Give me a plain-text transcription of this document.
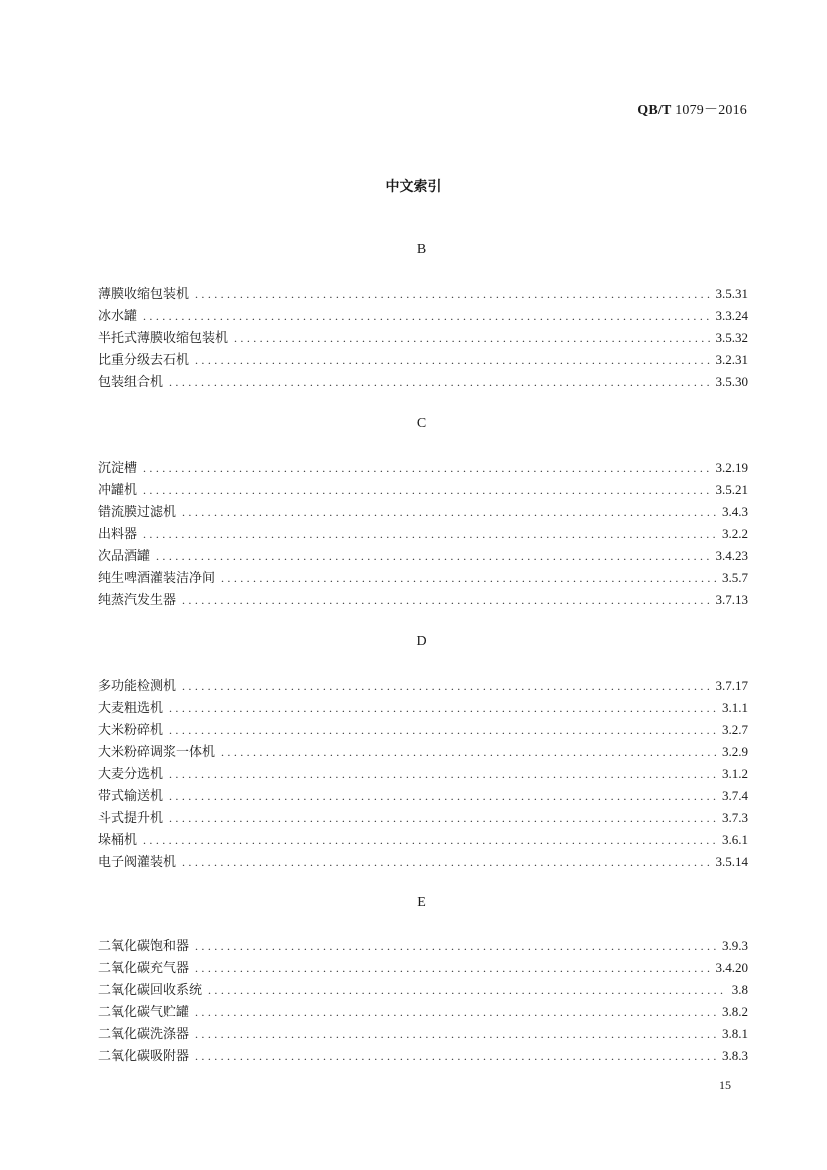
QB/T 1079－2016
中文索引
B
薄膜收缩包装机 . . .	3.5.31
冰水罐 . . .	3.3.24
半托式薄膜收缩包装机 . . .	3.5.32
比重分级去石机 . . .	3.2.31
包装组合机 . . .	3.5.30
C
沉淀槽 . . .	3.2.19
冲罐机 . . .	3.5.21
错流膜过滤机 . . .	3.4.3
出料器 . . .	3.2.2
次品酒罐 . . .	3.4.23
纯生啤酒灌装洁净间 . . .	3.5.7
纯蒸汽发生器 . . .	3.7.13
D
多功能检测机 . . .	3.7.17
大麦粗选机 . . .	3.1.1
大米粉碎机 . . .	3.2.7
大米粉碎调浆一体机 . . .	3.2.9
大麦分选机 . . .	3.1.2
带式输送机 . . .	3.7.4
斗式提升机 . . .	3.7.3
垛桶机 . . .	3.6.1
电子阀灌装机 . . .	3.5.14
E
二氧化碳饱和器 . . .	3.9.3
二氧化碳充气器 . . .	3.4.20
二氧化碳回收系统 . . .	3.8
二氧化碳气贮罐 . . .	3.8.2
二氧化碳洗涤器 . . .	3.8.1
二氧化碳吸附器 . . .	3.8.3
15
